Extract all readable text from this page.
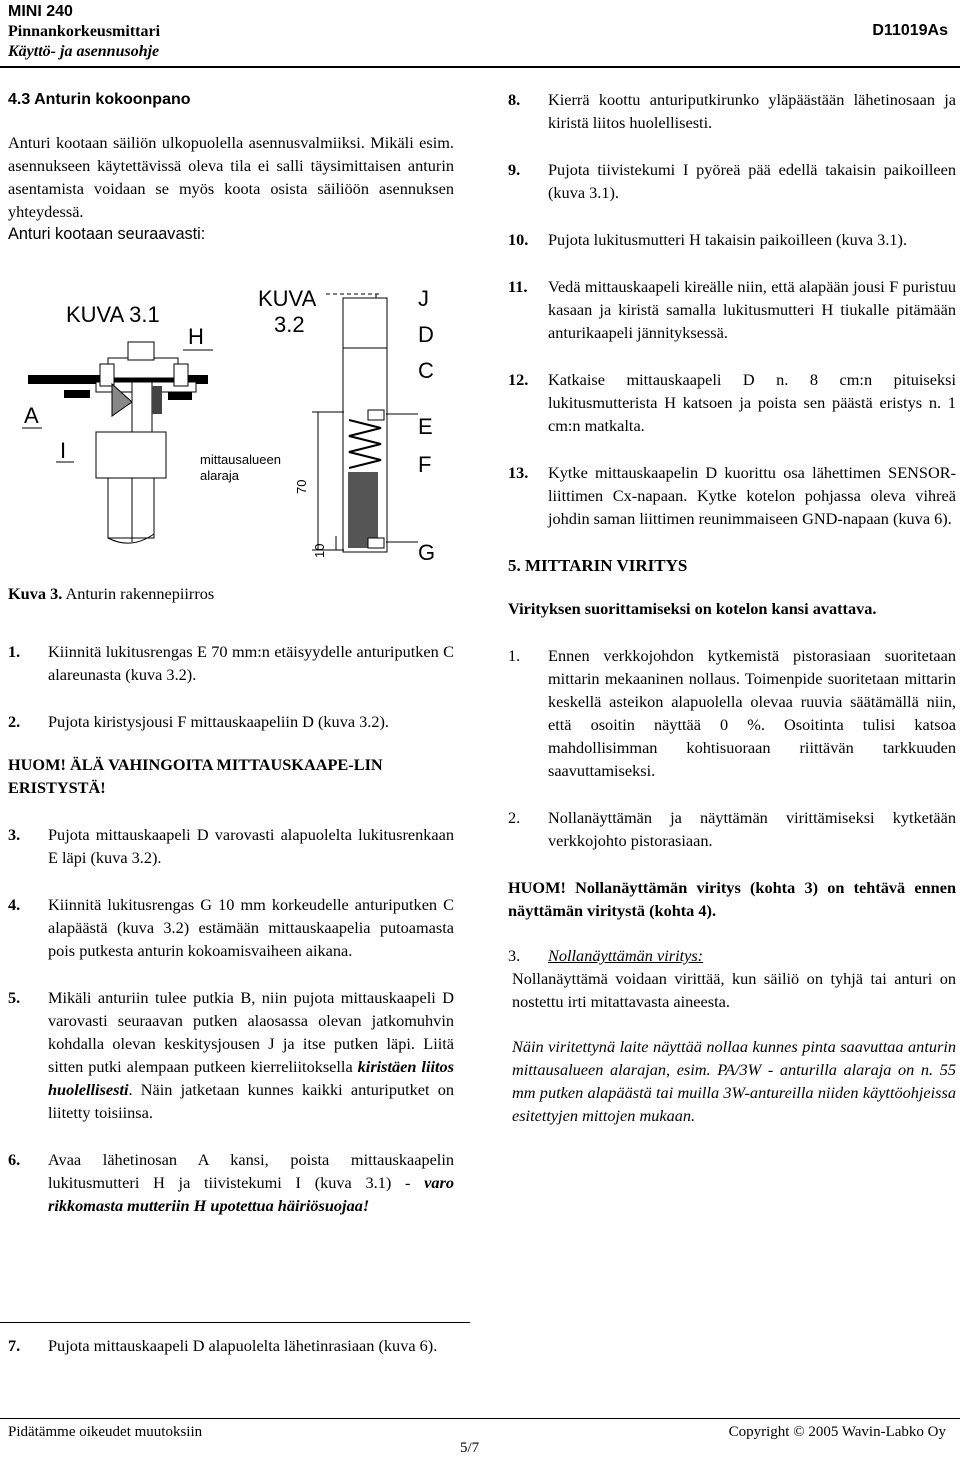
MINI 240
Pinnankorkeusmittari
Käyttö- ja asennusohje
D11019As
4.3 Anturin kokoonpano
Anturi kootaan säiliön ulkopuolella asennusvalmiiksi. Mikäli esim. asennukseen käytettävissä oleva tila ei salli täysimittaisen anturin asentamista voidaan se myös koota osista säiliöön asennuksen yhteydessä.
Anturi kootaan seuraavasti:
KUVA 3.1
H
A
I	mittausalueen
alaraja
KUVA
3.2
70
10
J
D
C
E
F
G
Kuva 3. Anturin rakennepiirros
1.	Kiinnitä lukitusrengas E 70 mm:n etäisyydelle anturiputken C alareunasta (kuva 3.2).
2.	Pujota kiristysjousi F mittauskaapeliin D (kuva 3.2).
HUOM! ÄLÄ VAHINGOITA MITTAUSKAAPE-LIN ERISTYSTÄ!
3.	Pujota mittauskaapeli D varovasti alapuolelta lukitusrenkaan E läpi (kuva 3.2).
4.	Kiinnitä lukitusrengas G 10 mm korkeudelle anturiputken C alapäästä (kuva 3.2) estämään mittauskaapelia putoamasta pois putkesta anturin kokoamisvaiheen aikana.
5.	Mikäli anturiin tulee putkia B, niin pujota mittauskaapeli D varovasti seuraavan putken alaosassa olevan jatkomuhvin kohdalla olevan keskitysjousen J ja itse putken läpi. Liitä sitten putki alempaan putkeen kierreliitoksella kiristäen liitos huolellisesti. Näin jatketaan kunnes kaikki anturiputket on liitetty toisiinsa.
6.	Avaa lähetinosan A kansi, poista mittauskaapelin lukitusmutteri H ja tiivistekumi I (kuva 3.1) - varo rikkomasta mutteriin H upotettua häiriösuojaa!
7.	Pujota mittauskaapeli D alapuolelta lähetinrasiaan (kuva 6).
8.	Kierrä koottu anturiputkirunko yläpäästään lähetinosaan ja kiristä liitos huolellisesti.
9.	Pujota tiivistekumi I pyöreä pää edellä takaisin paikoilleen (kuva 3.1).
10.	Pujota lukitusmutteri H takaisin paikoilleen (kuva 3.1).
11.	Vedä mittauskaapeli kireälle niin, että alapään jousi F puristuu kasaan ja kiristä samalla lukitusmutteri H tiukalle pitämään anturikaapeli jännityksessä.
12.	Katkaise mittauskaapeli D n. 8 cm:n pituiseksi lukitusmutterista H katsoen ja poista sen päästä eristys n. 1 cm:n matkalta.
13.	Kytke mittauskaapelin D kuorittu osa lähettimen SENSOR-liittimen Cx-napaan. Kytke kotelon pohjassa oleva vihreä johdin saman liittimen reunimmaiseen GND-napaan (kuva 6).
5. MITTARIN VIRITYS
Virityksen suorittamiseksi on kotelon kansi avattava.
1.	Ennen verkkojohdon kytkemistä pistorasiaan suoritetaan mittarin mekaaninen nollaus. Toimenpide suoritetaan mittarin keskellä asteikon alapuolella olevaa ruuvia säätämällä niin, että osoitin näyttää 0 %. Osoitinta tulisi katsoa mahdollisimman kohtisuoraan riittävän tarkkuuden saavuttamiseksi.
2.	Nollanäyttämän ja näyttämän virittämiseksi kytketään verkkojohto pistorasiaan.
HUOM! Nollanäyttämän viritys (kohta 3) on tehtävä ennen näyttämän viritystä (kohta 4).
3.	Nollanäyttämän viritys:
Nollanäyttämä voidaan virittää, kun säiliö on tyhjä tai anturi on nostettu irti mitattavasta aineesta.
Näin viritettynä laite näyttää nollaa kunnes pinta saavuttaa anturin mittausalueen alarajan, esim. PA/3W - anturilla alaraja on n. 55 mm putken alapäästä tai muilla 3W-antureilla niiden käyttöohjeissa esitettyjen mittojen mukaan.
Pidätämme oikeudet muutoksiin
5/7
Copyright © 2005 Wavin-Labko Oy
